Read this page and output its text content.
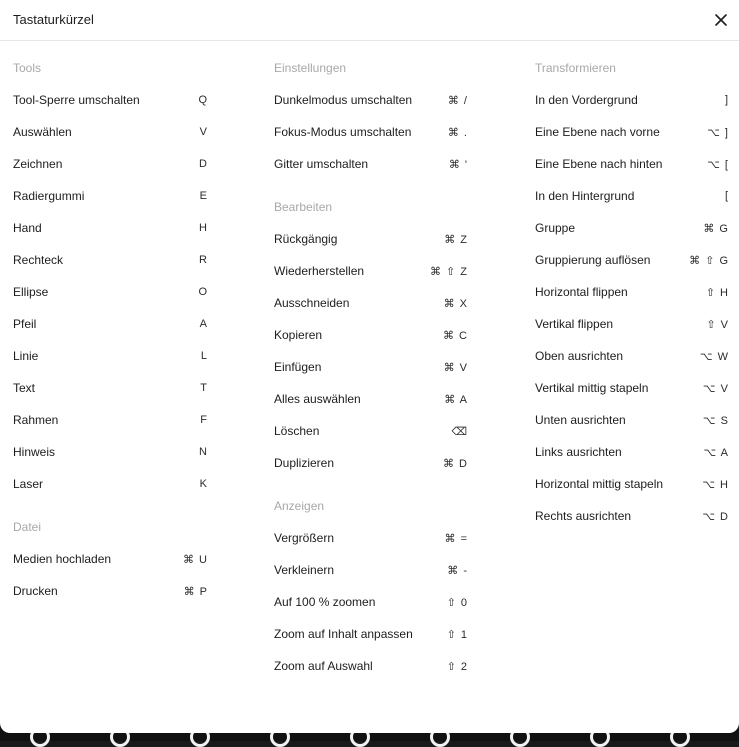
Tastaturkürzel
Tools
Tool-Sperre umschalten	Q
Auswählen	V
Zeichnen	D
Radiergummi	E
Hand	H
Rechteck	R
Ellipse	O
Pfeil	A
Linie	L
Text	T
Rahmen	F
Hinweis	N
Laser	K
Datei
Medien hochladen	⌘ U
Drucken	⌘ P
Einstellungen
Dunkelmodus umschalten	⌘ /
Fokus-Modus umschalten	⌘ .
Gitter umschalten	⌘ '
Bearbeiten
Rückgängig	⌘ Z
Wiederherstellen	⌘ ⇧ Z
Ausschneiden	⌘ X
Kopieren	⌘ C
Einfügen	⌘ V
Alles auswählen	⌘ A
Löschen	⌫
Duplizieren	⌘ D
Anzeigen
Vergrößern	⌘ =
Verkleinern	⌘ -
Auf 100 % zoomen	⇧ 0
Zoom auf Inhalt anpassen	⇧ 1
Zoom auf Auswahl	⇧ 2
Transformieren
In den Vordergrund	]
Eine Ebene nach vorne	⌥ ]
Eine Ebene nach hinten	⌥ [
In den Hintergrund	[
Gruppe	⌘ G
Gruppierung auflösen	⌘ ⇧ G
Horizontal flippen	⇧ H
Vertikal flippen	⇧ V
Oben ausrichten	⌥ W
Vertikal mittig stapeln	⌥ V
Unten ausrichten	⌥ S
Links ausrichten	⌥ A
Horizontal mittig stapeln	⌥ H
Rechts ausrichten	⌥ D
